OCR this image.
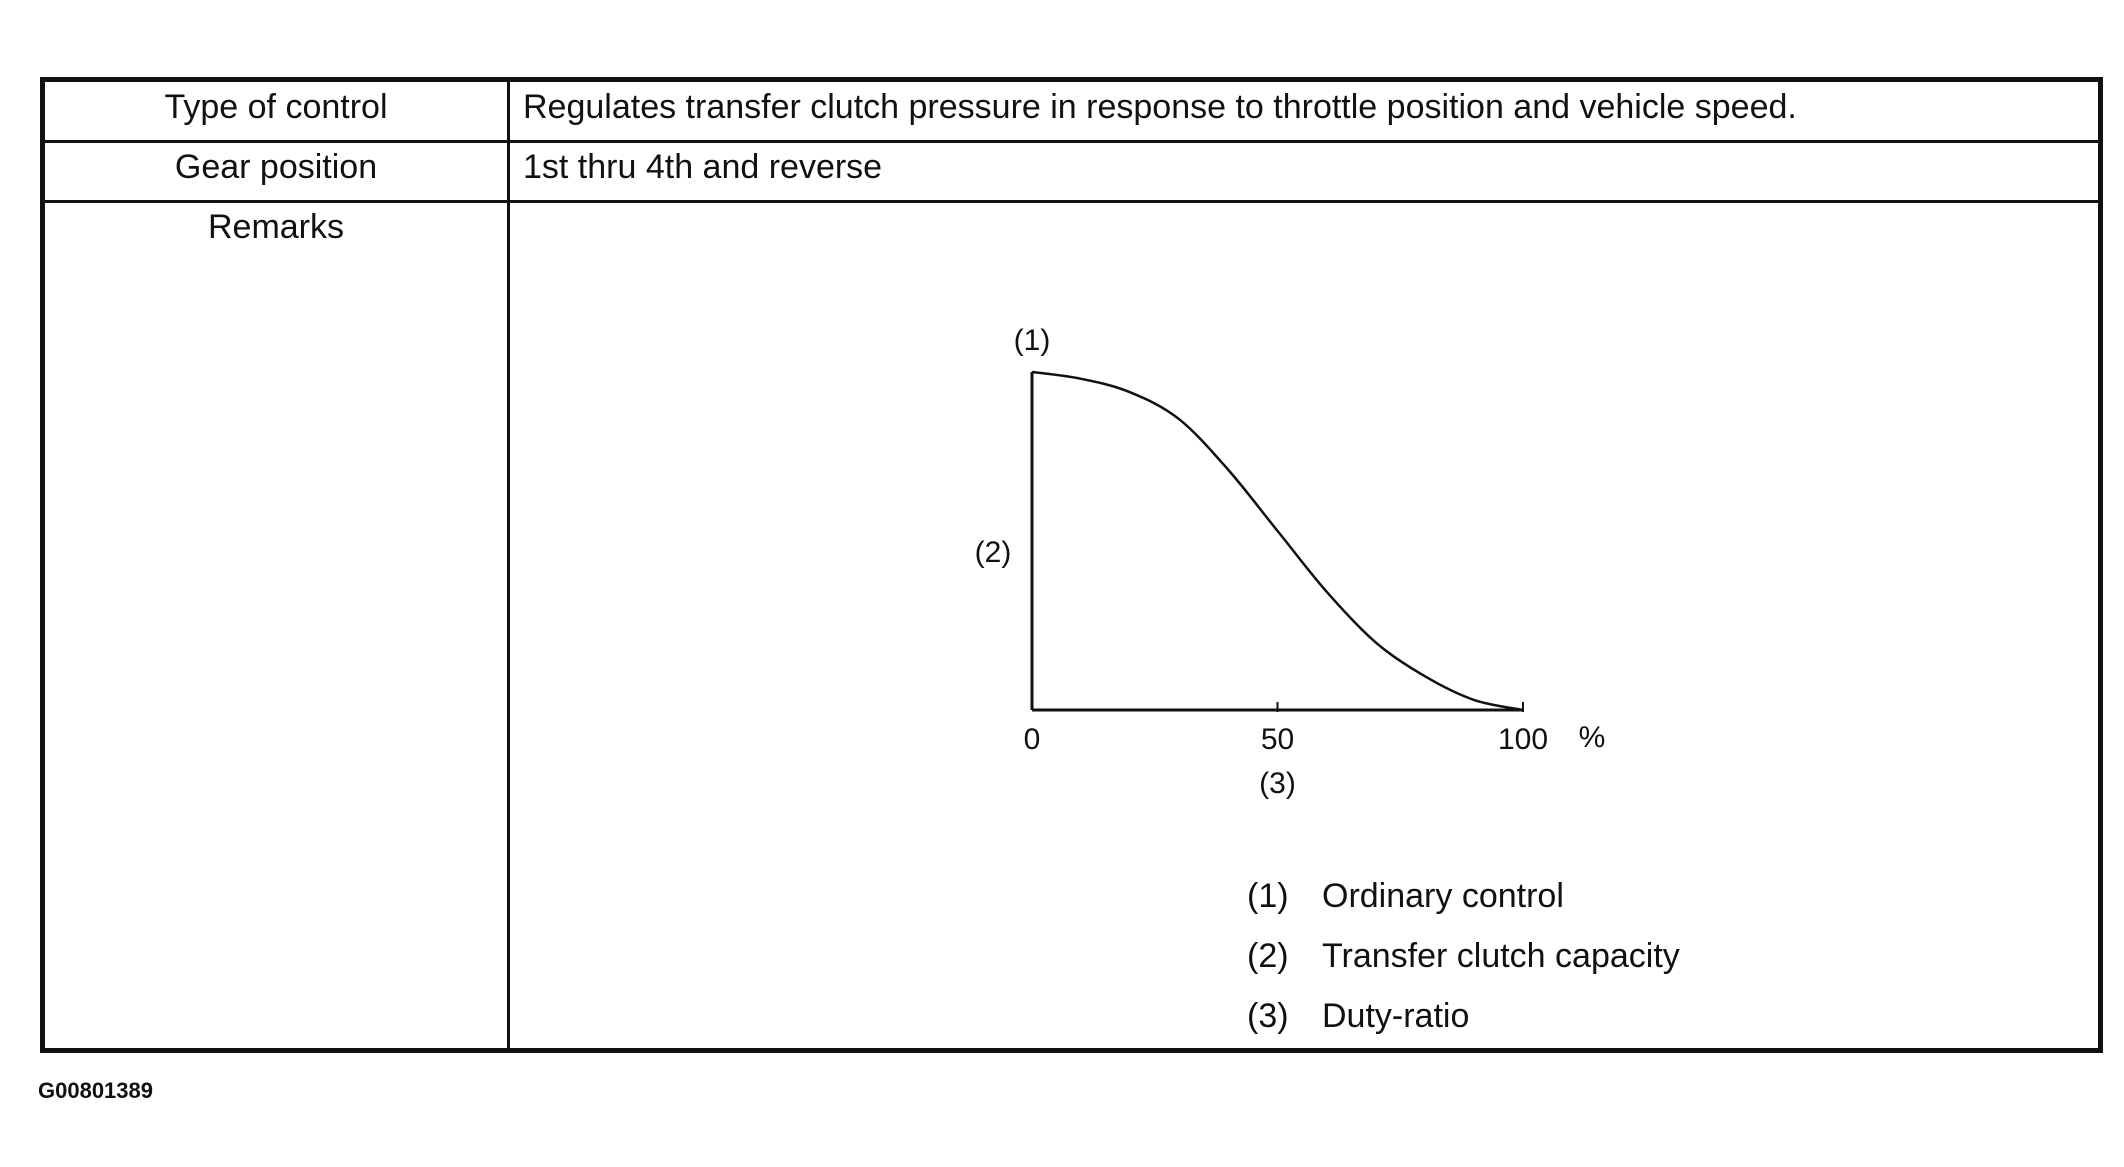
Type of control	Regulates transfer clutch pressure in response to throttle position and vehicle speed.
Gear position	1st thru 4th and reverse
Remarks
0	50	100 %
(3)
(2)
(1)
(1) Ordinary control
(2) Transfer clutch capacity
(3) Duty-ratio
G00801389
